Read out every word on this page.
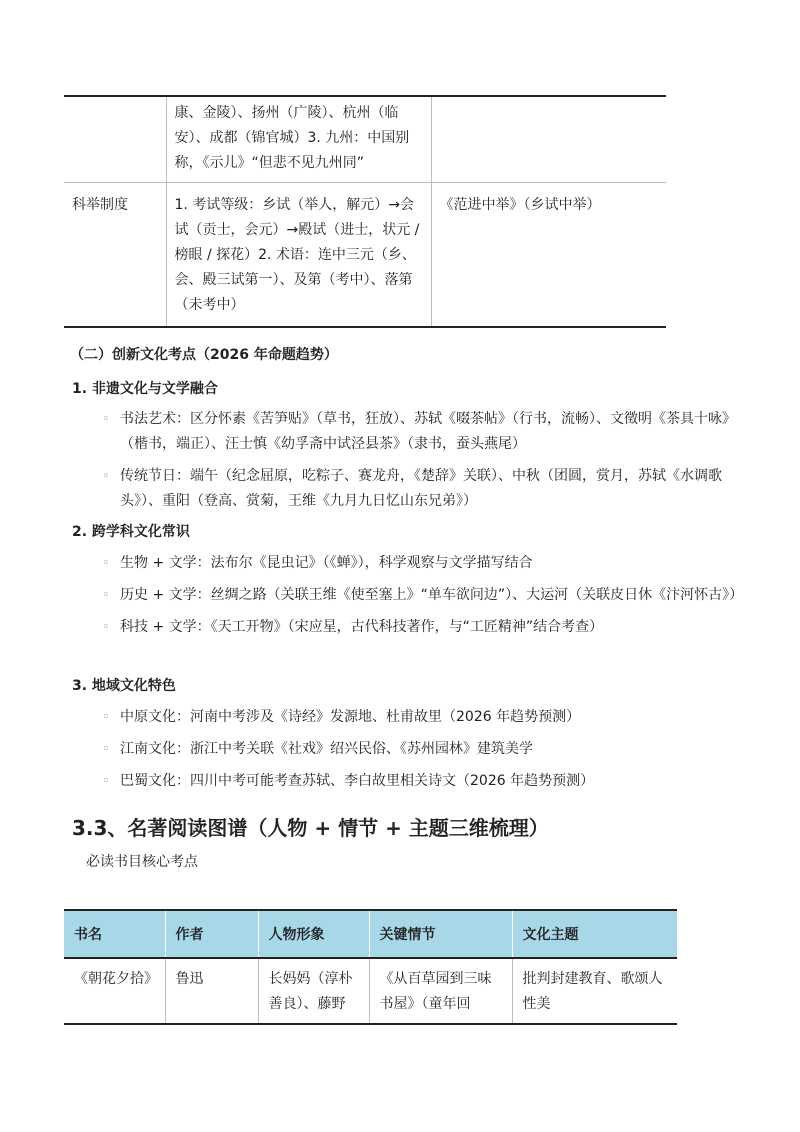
	康、金陵）、扬州（广陵）、杭州（临安）、成都（锦官城）3. 九州：中国别称，《示儿》“但悲不见九州同”	
科举制度	1. 考试等级：乡试（举人，解元）→会试（贡士，会元）→殿试（进士，状元 / 榜眼 / 探花）2. 术语：连中三元（乡、会、殿三试第一）、及第（考中）、落第（未考中）	《范进中举》（乡试中举）
（二）创新文化考点（2026 年命题趋势）
1. 非遗文化与文学融合
◦ 书法艺术：区分怀素《苦笋贴》（草书，狂放）、苏轼《啜茶帖》（行书，流畅）、文徵明《茶具十咏》（楷书，端正）、汪士慎《幼孚斋中试泾县茶》（隶书，蚕头燕尾）
◦ 传统节日：端午（纪念屈原，吃粽子、赛龙舟，《楚辞》关联）、中秋（团圆，赏月，苏轼《水调歌头》）、重阳（登高、赏菊，王维《九月九日忆山东兄弟》）
2. 跨学科文化常识
◦ 生物 + 文学：法布尔《昆虫记》（《蝉》），科学观察与文学描写结合
◦ 历史 + 文学：丝绸之路（关联王维《使至塞上》“单车欲问边”）、大运河（关联皮日休《汴河怀古》）
◦ 科技 + 文学：《天工开物》（宋应星，古代科技著作，与“工匠精神”结合考查）
3. 地域文化特色
◦ 中原文化：河南中考涉及《诗经》发源地、杜甫故里（2026 年趋势预测）
◦ 江南文化：浙江中考关联《社戏》绍兴民俗、《苏州园林》建筑美学
◦ 巴蜀文化：四川中考可能考查苏轼、李白故里相关诗文（2026 年趋势预测）
3.3、名著阅读图谱（人物 + 情节 + 主题三维梳理）
必读书目核心考点
书名	作者	人物形象	关键情节	文化主题
《朝花夕拾》	鲁迅	长妈妈（淳朴善良）、藤野	《从百草园到三味书屋》（童年回	批判封建教育、歌颂人性美
